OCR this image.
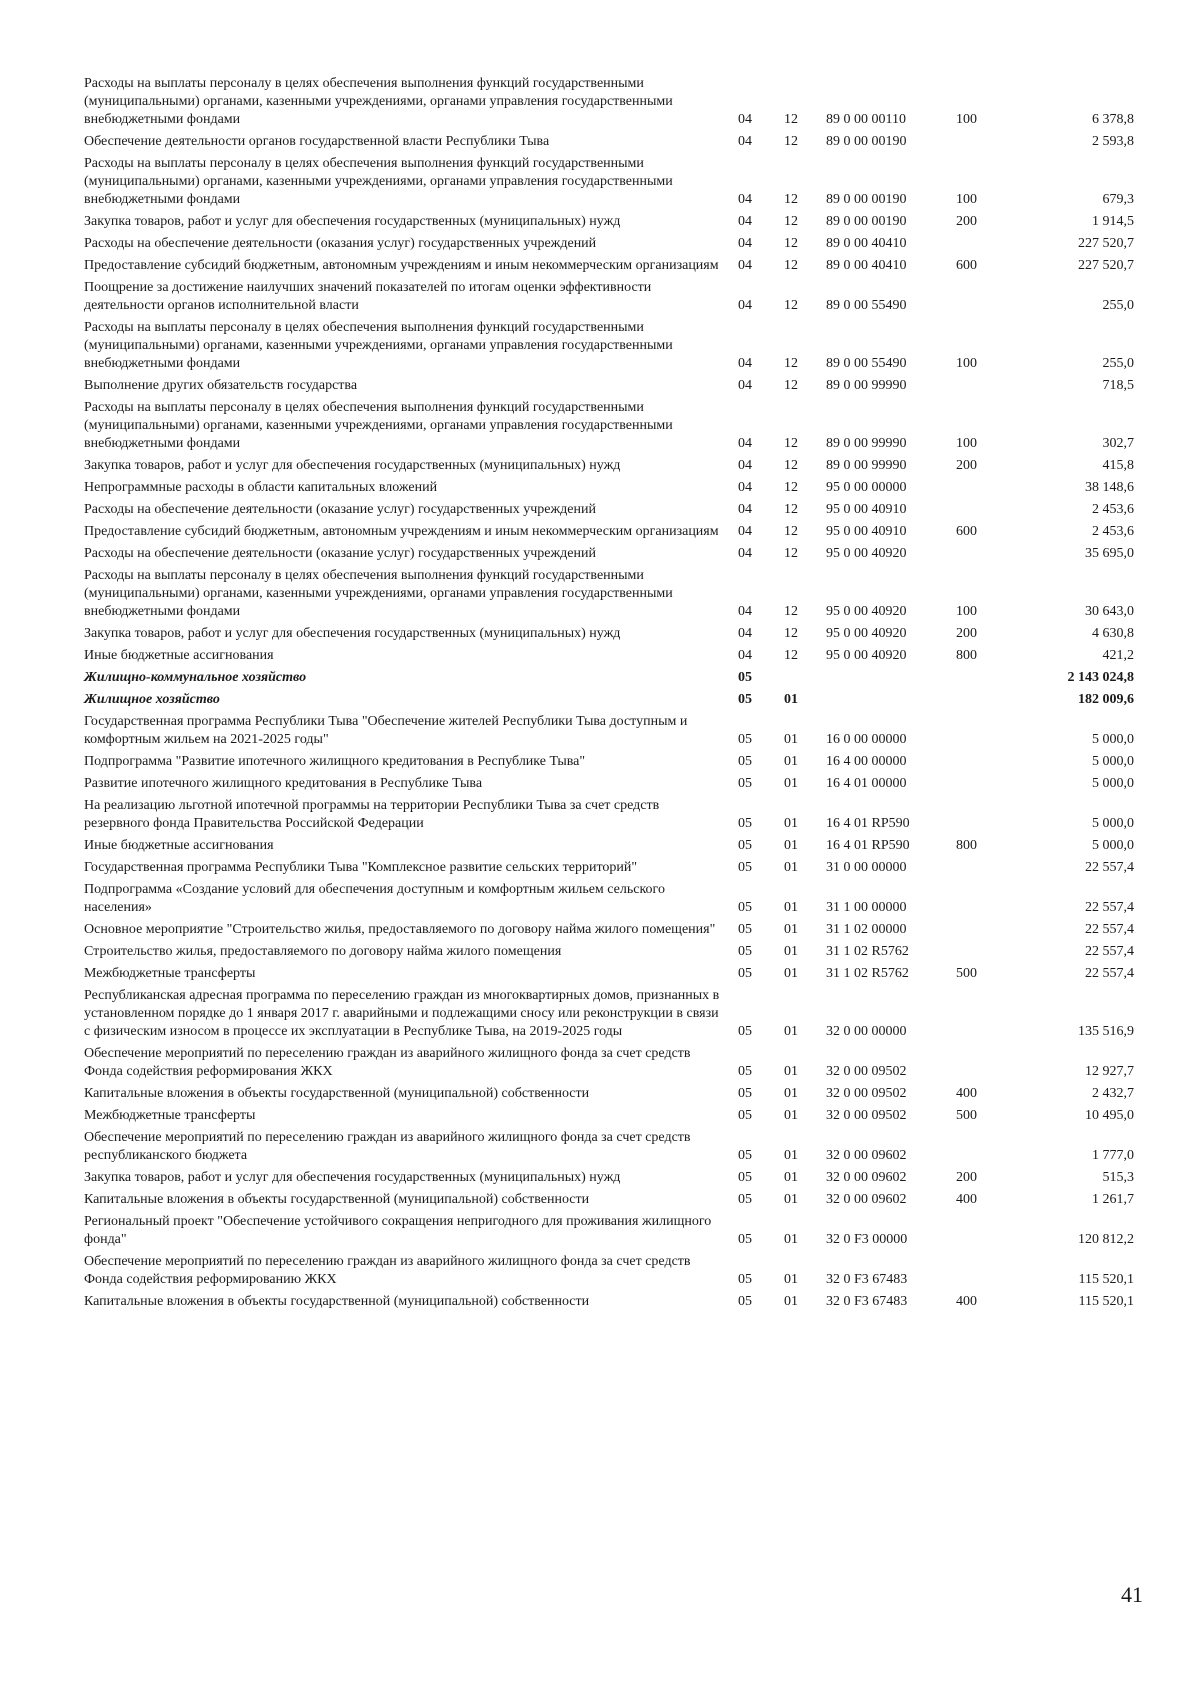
Расходы на выплаты персоналу в целях обеспечения выполнения функций государственными (муниципальными) органами, казенными учреждениями, органами управления государственными внебюджетными фондами	04	12	89 0 00 00110	100	6 378,8
Обеспечение деятельности органов государственной власти Республики Тыва	04	12	89 0 00 00190		2 593,8
Расходы на выплаты персоналу в целях обеспечения выполнения функций государственными (муниципальными) органами, казенными учреждениями, органами управления государственными внебюджетными фондами	04	12	89 0 00 00190	100	679,3
Закупка товаров, работ и услуг для обеспечения государственных (муниципальных) нужд	04	12	89 0 00 00190	200	1 914,5
Расходы на обеспечение деятельности (оказания услуг) государственных учреждений	04	12	89 0 00 40410		227 520,7
Предоставление субсидий бюджетным, автономным учреждениям и иным некоммерческим организациям	04	12	89 0 00 40410	600	227 520,7
Поощрение за достижение наилучших значений показателей по итогам оценки эффективности деятельности органов исполнительной власти	04	12	89 0 00 55490		255,0
Расходы на выплаты персоналу в целях обеспечения выполнения функций государственными (муниципальными) органами, казенными учреждениями, органами управления государственными внебюджетными фондами	04	12	89 0 00 55490	100	255,0
Выполнение других обязательств государства	04	12	89 0 00 99990		718,5
Расходы на выплаты персоналу в целях обеспечения выполнения функций государственными (муниципальными) органами, казенными учреждениями, органами управления государственными внебюджетными фондами	04	12	89 0 00 99990	100	302,7
Закупка товаров, работ и услуг для обеспечения государственных (муниципальных) нужд	04	12	89 0 00 99990	200	415,8
Непрограммные расходы в области капитальных вложений	04	12	95 0 00 00000		38 148,6
Расходы на обеспечение деятельности (оказание услуг) государственных учреждений	04	12	95 0 00 40910		2 453,6
Предоставление субсидий бюджетным, автономным учреждениям и иным некоммерческим организациям	04	12	95 0 00 40910	600	2 453,6
Расходы на обеспечение деятельности (оказание услуг) государственных учреждений	04	12	95 0 00 40920		35 695,0
Расходы на выплаты персоналу в целях обеспечения выполнения функций государственными (муниципальными) органами, казенными учреждениями, органами управления государственными внебюджетными фондами	04	12	95 0 00 40920	100	30 643,0
Закупка товаров, работ и услуг для обеспечения государственных (муниципальных) нужд	04	12	95 0 00 40920	200	4 630,8
Иные бюджетные ассигнования	04	12	95 0 00 40920	800	421,2
Жилищно-коммунальное хозяйство	05				2 143 024,8
Жилищное хозяйство	05	01			182 009,6
Государственная программа Республики Тыва "Обеспечение жителей Республики Тыва доступным и комфортным жильем на 2021-2025 годы"	05	01	16 0 00 00000		5 000,0
Подпрограмма "Развитие ипотечного жилищного кредитования в Республике Тыва"	05	01	16 4 00 00000		5 000,0
Развитие ипотечного жилищного кредитования в Республике Тыва	05	01	16 4 01 00000		5 000,0
На реализацию льготной ипотечной программы на территории Республики Тыва за счет средств резервного фонда Правительства Российской Федерации	05	01	16 4 01 RP590		5 000,0
Иные бюджетные ассигнования	05	01	16 4 01 RP590	800	5 000,0
Государственная программа Республики Тыва "Комплексное развитие сельских территорий"	05	01	31 0 00 00000		22 557,4
Подпрограмма «Создание условий для обеспечения доступным и комфортным жильем сельского населения»	05	01	31 1 00 00000		22 557,4
Основное мероприятие "Строительство жилья, предоставляемого по договору найма жилого помещения"	05	01	31 1 02 00000		22 557,4
Строительство жилья, предоставляемого по договору найма жилого помещения	05	01	31 1 02 R5762		22 557,4
Межбюджетные трансферты	05	01	31 1 02 R5762	500	22 557,4
Республиканская адресная программа по переселению граждан из многоквартирных домов, признанных в установленном порядке до 1 января 2017 г. аварийными и подлежащими сносу или реконструкции в связи с физическим износом в процессе их эксплуатации в Республике Тыва, на 2019-2025 годы	05	01	32 0 00 00000		135 516,9
Обеспечение мероприятий по переселению граждан из аварийного жилищного фонда за счет средств Фонда содействия реформирования ЖКХ	05	01	32 0 00 09502		12 927,7
Капитальные вложения в объекты государственной (муниципальной) собственности	05	01	32 0 00 09502	400	2 432,7
Межбюджетные трансферты	05	01	32 0 00 09502	500	10 495,0
Обеспечение мероприятий по переселению граждан из аварийного жилищного фонда за счет средств республиканского бюджета	05	01	32 0 00 09602		1 777,0
Закупка товаров, работ и услуг для обеспечения государственных (муниципальных) нужд	05	01	32 0 00 09602	200	515,3
Капитальные вложения в объекты государственной (муниципальной) собственности	05	01	32 0 00 09602	400	1 261,7
Региональный проект "Обеспечение устойчивого сокращения непригодного для проживания жилищного фонда"	05	01	32 0 F3 00000		120 812,2
Обеспечение мероприятий по переселению граждан из аварийного жилищного фонда за счет средств Фонда содействия реформированию ЖКХ	05	01	32 0 F3 67483		115 520,1
Капитальные вложения в объекты государственной (муниципальной) собственности	05	01	32 0 F3 67483	400	115 520,1
41
